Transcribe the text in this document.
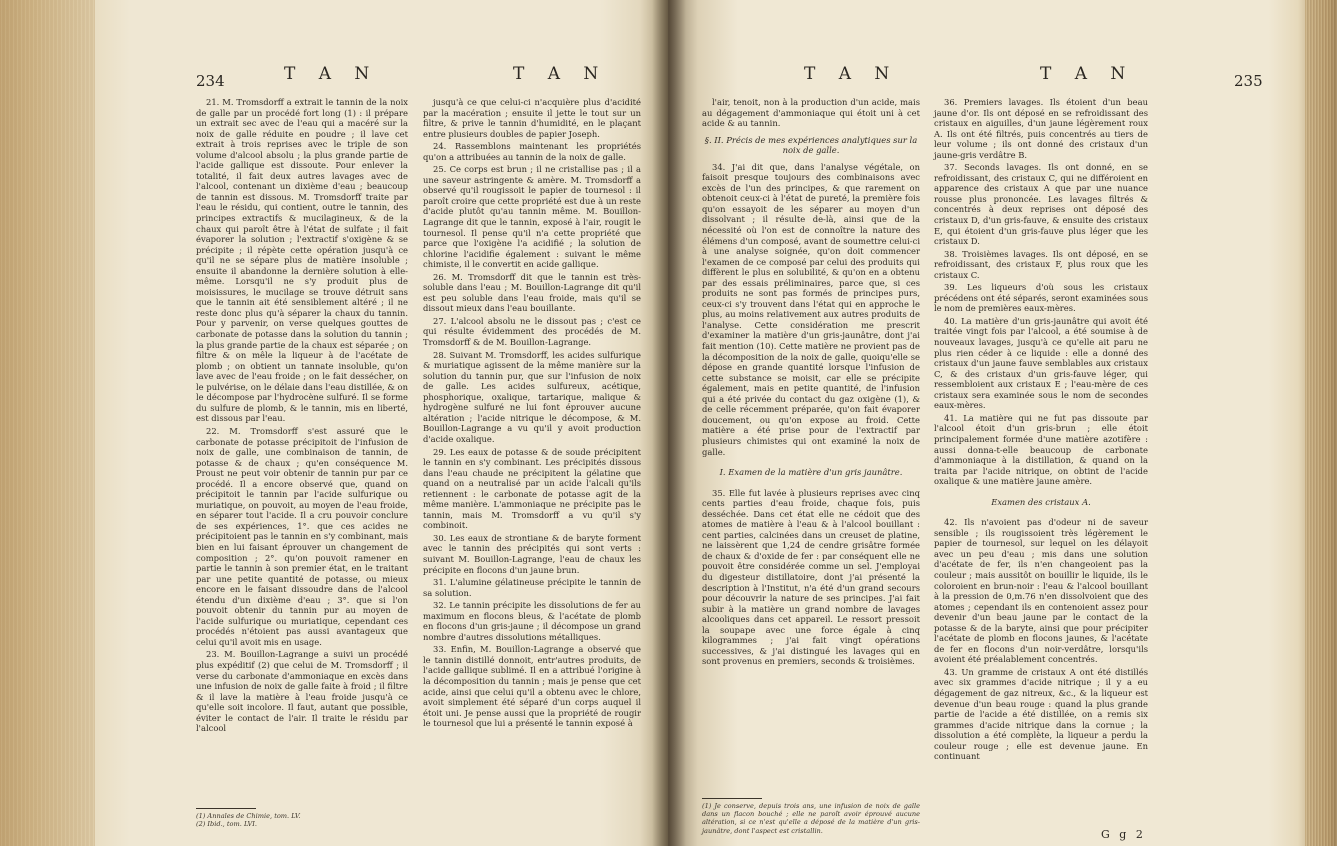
234	T A N	T A N

21. M. Tromsdorff a extrait le tannin de la noix de galle par un procédé fort long (1) : il prépare un extrait sec avec de l'eau qui a macéré sur la noix de galle réduite en poudre ; il lave cet extrait à trois reprises avec le triple de son volume d'alcool absolu ; la plus grande partie de l'acide gallique est dissoute. Pour enlever la totalité, il fait deux autres lavages avec de l'alcool, contenant un dixième d'eau ; beaucoup de tannin est dissous. M. Tromsdorff traite par l'eau le résidu, qui contient, outre le tannin, des principes extractifs & mucilagineux, & de la chaux qui paroît être à l'état de sulfate ; il fait évaporer la solution ; l'extractif s'oxigène & se précipite ; il répète cette opération jusqu'à ce qu'il ne se sépare plus de matière insoluble ; ensuite il abandonne la dernière solution à elle-même. Lorsqu'il ne s'y produit plus de moisissures, le mucilage se trouve détruit sans que le tannin ait été sensiblement altéré ; il ne reste donc plus qu'à séparer la chaux du tannin. Pour y parvenir, on verse quelques gouttes de carbonate de potasse dans la solution du tannin ; la plus grande partie de la chaux est séparée ; on filtre & on mêle la liqueur à de l'acétate de plomb ; on obtient un tannate insoluble, qu'on lave avec de l'eau froide ; on le fait dessécher, on le pulvérise, on le délaie dans l'eau distillée, & on le décompose par l'hydrocène sulfuré. Il se forme du sulfure de plomb, & le tannin, mis en liberté, est dissous par l'eau.

22. M. Tromsdorff s'est assuré que le carbonate de potasse précipitoit de l'infusion de noix de galle, une combinaison de tannin, de potasse & de chaux ; qu'en conséquence M. Proust ne peut voir obtenir de tannin pur par ce procédé. Il a encore observé que, quand on précipitoit le tannin par l'acide sulfurique ou muriatique, on pouvoit, au moyen de l'eau froide, en séparer tout l'acide. Il a cru pouvoir conclure de ses expériences, 1°. que ces acides ne précipitoient pas le tannin en s'y combinant, mais bien en lui faisant éprouver un changement de composition ; 2°. qu'on pouvoit ramener en partie le tannin à son premier état, en le traitant par une petite quantité de potasse, ou mieux encore en le faisant dissoudre dans de l'alcool étendu d'un dixième d'eau ; 3°. que si l'on pouvoit obtenir du tannin pur au moyen de l'acide sulfurique ou muriatique, cependant ces procédés n'étoient pas aussi avantageux que celui qu'il avoit mis en usage.

23. M. Bouillon-Lagrange a suivi un procédé plus expéditif (2) que celui de M. Tromsdorff ; il verse du carbonate d'ammoniaque en excès dans une infusion de noix de galle faite à froid ; il filtre & il lave la matière à l'eau froide jusqu'à ce qu'elle soit incolore. Il faut, autant que possible, éviter le contact de l'air. Il traite le résidu par l'alcool

(1) Annales de Chimie, tom. LV.
(2) Ibid., tom. LVI.

jusqu'à ce que celui-ci n'acquière plus d'acidité par la macération ; ensuite il jette le tout sur un filtre, & prive le tannin d'humidité, en le plaçant entre plusieurs doubles de papier Joseph.

24. Rassemblons maintenant les propriétés qu'on a attribuées au tannin de la noix de galle.

25. Ce corps est brun ; il ne cristallise pas ; il a une saveur astringente & amère. M. Tromsdorff a observé qu'il rougissoit le papier de tournesol : il paroît croire que cette propriété est due à un reste d'acide plutôt qu'au tannin même. M. Bouillon-Lagrange dit que le tannin, exposé à l'air, rougit le tournesol. Il pense qu'il n'a cette propriété que parce que l'oxigène l'a acidifié ; la solution de chlorine l'acidifie également : suivant le même chimiste, il le convertit en acide gallique.

26. M. Tromsdorff dit que le tannin est très-soluble dans l'eau ; M. Bouillon-Lagrange dit qu'il est peu soluble dans l'eau froide, mais qu'il se dissout mieux dans l'eau bouillante.

27. L'alcool absolu ne le dissout pas ; c'est ce qui résulte évidemment des procédés de M. Tromsdorff & de M. Bouillon-Lagrange.

28. Suivant M. Tromsdorff, les acides sulfurique & muriatique agissent de la même manière sur la solution du tannin pur, que sur l'infusion de noix de galle. Les acides sulfureux, acétique, phosphorique, oxalique, tartarique, malique & hydrogène sulfuré ne lui font éprouver aucune altération ; l'acide nitrique le décompose, & M. Bouillon-Lagrange a vu qu'il y avoit production d'acide oxalique.

29. Les eaux de potasse & de soude précipitent le tannin en s'y combinant. Les précipités dissous dans l'eau chaude ne précipitent la gélatine que quand on a neutralisé par un acide l'alcali qu'ils retiennent : le carbonate de potasse agit de la même manière. L'ammoniaque ne précipite pas le tannin, mais M. Tromsdorff a vu qu'il s'y combinoit.

30. Les eaux de strontiane & de baryte forment avec le tannin des précipités qui sont verts : suivant M. Bouillon-Lagrange, l'eau de chaux les précipite en flocons d'un jaune brun.

31. L'alumine gélatineuse précipite le tannin de sa solution.

32. Le tannin précipite les dissolutions de fer au maximum en flocons bleus, & l'acétate de plomb en flocons d'un gris-jaune ; il décompose un grand nombre d'autres dissolutions métalliques.

33. Enfin, M. Bouillon-Lagrange a observé que le tannin distillé donnoit, entr'autres produits, de l'acide gallique sublimé. Il en a attribué l'origine à la décomposition du tannin ; mais je pense que cet acide, ainsi que celui qu'il a obtenu avec le chlore, avoit simplement été séparé d'un corps auquel il étoit uni. Je pense aussi que la propriété de rougir le tournesol que lui a présenté le tannin exposé à

T A N	T A N	235

l'air, tenoit, non à la production d'un acide, mais au dégagement d'ammoniaque qui étoit uni à cet acide & au tannin.

§. II. Précis de mes expériences analytiques sur la noix de galle.

34. J'ai dit que, dans l'analyse végétale, on faisoit presque toujours des combinaisons avec excès de l'un des principes, & que rarement on obtenoit ceux-ci à l'état de pureté, la première fois qu'on essayoit de les séparer au moyen d'un dissolvant ; il résulte de-là, ainsi que de la nécessité où l'on est de connoître la nature des élémens d'un composé, avant de soumettre celui-ci à une analyse soignée, qu'on doit commencer l'examen de ce composé par celui des produits qui diffèrent le plus en solubilité, & qu'on en a obtenu par des essais préliminaires, parce que, si ces produits ne sont pas formés de principes purs, ceux-ci s'y trouvent dans l'état qui en approche le plus, au moins relativement aux autres produits de l'analyse. Cette considération me prescrit d'examiner la matière d'un gris-jaunâtre, dont j'ai fait mention (10). Cette matière ne provient pas de la décomposition de la noix de galle, quoiqu'elle se dépose en grande quantité lorsque l'infusion de cette substance se moisit, car elle se précipite également, mais en petite quantité, de l'infusion qui a été privée du contact du gaz oxigène (1), & de celle récemment préparée, qu'on fait évaporer doucement, ou qu'on expose au froid. Cette matière a été prise pour de l'extractif par plusieurs chimistes qui ont examiné la noix de galle.

I. Examen de la matière d'un gris jaunâtre.

35. Elle fut lavée à plusieurs reprises avec cinq cents parties d'eau froide, chaque fois, puis desséchée. Dans cet état elle ne cédoit que des atomes de matière à l'eau & à l'alcool bouillant : cent parties, calcinées dans un creuset de platine, ne laissèrent que 1,24 de cendre grisâtre formée de chaux & d'oxide de fer : par conséquent elle ne pouvoit être considérée comme un sel. J'employai du digesteur distillatoire, dont j'ai présenté la description à l'Institut, n'a été d'un grand secours pour découvrir la nature de ses principes. J'ai fait subir à la matière un grand nombre de lavages alcooliques dans cet appareil. Le ressort pressoit la soupape avec une force égale à cinq kilogrammes ; j'ai fait vingt opérations successives, & j'ai distingué les lavages qui en sont provenus en premiers, seconds & troisièmes.

(1) Je conserve, depuis trois ans, une infusion de noix de galle dans un flacon bouché ; elle ne paroît avoir éprouvé aucune altération, si ce n'est qu'elle a déposé de la matière d'un gris-jaunâtre, dont l'aspect est cristallin.

36. Premiers lavages. Ils étoient d'un beau jaune d'or. Ils ont déposé en se refroidissant des cristaux en aiguilles, d'un jaune légèrement roux A. Ils ont été filtrés, puis concentrés au tiers de leur volume ; ils ont donné des cristaux d'un jaune-gris verdâtre B.

37. Seconds lavages. Ils ont donné, en se refroidissant, des cristaux C, qui ne différoient en apparence des cristaux A que par une nuance rousse plus prononcée. Les lavages filtrés & concentrés à deux reprises ont déposé des cristaux D, d'un gris-fauve, & ensuite des cristaux E, qui étoient d'un gris-fauve plus léger que les cristaux D.

38. Troisièmes lavages. Ils ont déposé, en se refroidissant, des cristaux F, plus roux que les cristaux C.

39. Les liqueurs d'où sous les cristaux précédens ont été séparés, seront examinées sous le nom de premières eaux-mères.

40. La matière d'un gris-jaunâtre qui avoit été traitée vingt fois par l'alcool, a été soumise à de nouveaux lavages, jusqu'à ce qu'elle ait paru ne plus rien céder à ce liquide : elle a donné des cristaux d'un jaune fauve semblables aux cristaux C, & des cristaux d'un gris-fauve léger, qui ressembloient aux cristaux E ; l'eau-mère de ces cristaux sera examinée sous le nom de secondes eaux-mères.

41. La matière qui ne fut pas dissoute par l'alcool étoit d'un gris-brun ; elle étoit principalement formée d'une matière azotifère : aussi donna-t-elle beaucoup de carbonate d'ammoniaque à la distillation, & quand on la traita par l'acide nitrique, on obtint de l'acide oxalique & une matière jaune amère.

Examen des cristaux A.

42. Ils n'avoient pas d'odeur ni de saveur sensible ; ils rougissoient très légèrement le papier de tournesol, sur lequel on les délayoit avec un peu d'eau ; mis dans une solution d'acétate de fer, ils n'en changeoient pas la couleur ; mais aussitôt on bouillir le liquide, ils le coloroient en brun-noir : l'eau & l'alcool bouillant à la pression de 0,m.76 n'en dissolvoient que des atomes ; cependant ils en contenoient assez pour devenir d'un beau jaune par le contact de la potasse & de la baryte, ainsi que pour précipiter l'acétate de plomb en flocons jaunes, & l'acétate de fer en flocons d'un noir-verdâtre, lorsqu'ils avoient été préalablement concentrés.

43. Un gramme de cristaux A ont été distillés avec six grammes d'acide nitrique ; il y a eu dégagement de gaz nitreux, &c., & la liqueur est devenue d'un beau rouge : quand la plus grande partie de l'acide a été distillée, on a remis six grammes d'acide nitrique dans la cornue ; la dissolution a été complète, la liqueur a perdu la couleur rouge ; elle est devenue jaune. En continuant

G g 2
